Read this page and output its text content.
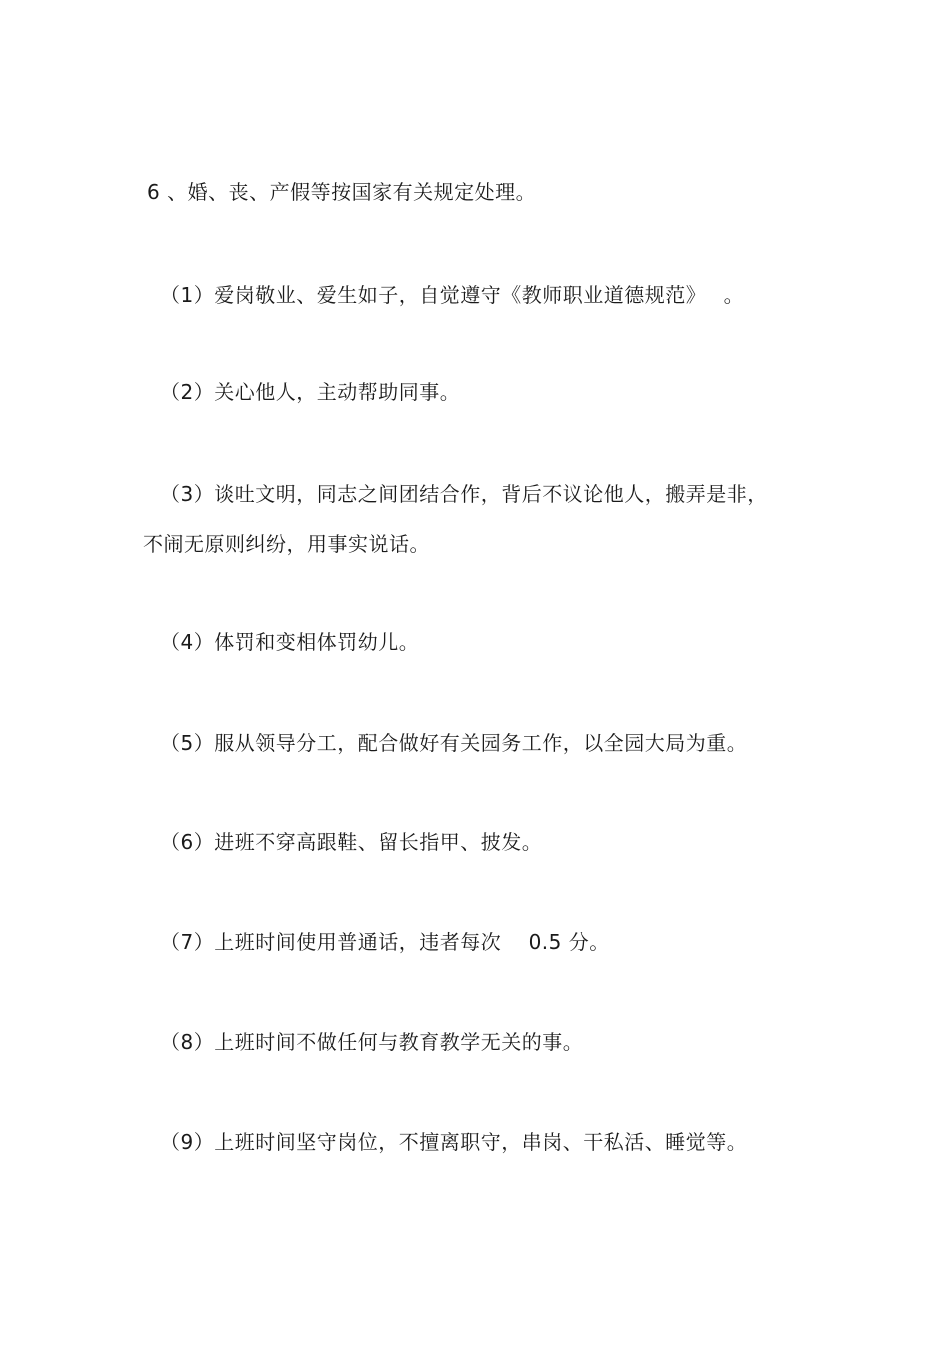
6 、婚、丧、产假等按国家有关规定处理。
（1）爱岗敬业、爱生如子，自觉遵守《教师职业道德规范》　 。
（2）关心他人，主动帮助同事。
（3）谈吐文明，同志之间团结合作，背后不议论他人，搬弄是非，
不闹无原则纠纷，用事实说话。
（4）体罚和变相体罚幼儿。
（5）服从领导分工，配合做好有关园务工作，以全园大局为重。
（6）进班不穿高跟鞋、留长指甲、披发。
（7）上班时间使用普通话，违者每次　 0.5 分。
（8）上班时间不做任何与教育教学无关的事。
（9）上班时间坚守岗位，不擅离职守，串岗、干私活、睡觉等。
